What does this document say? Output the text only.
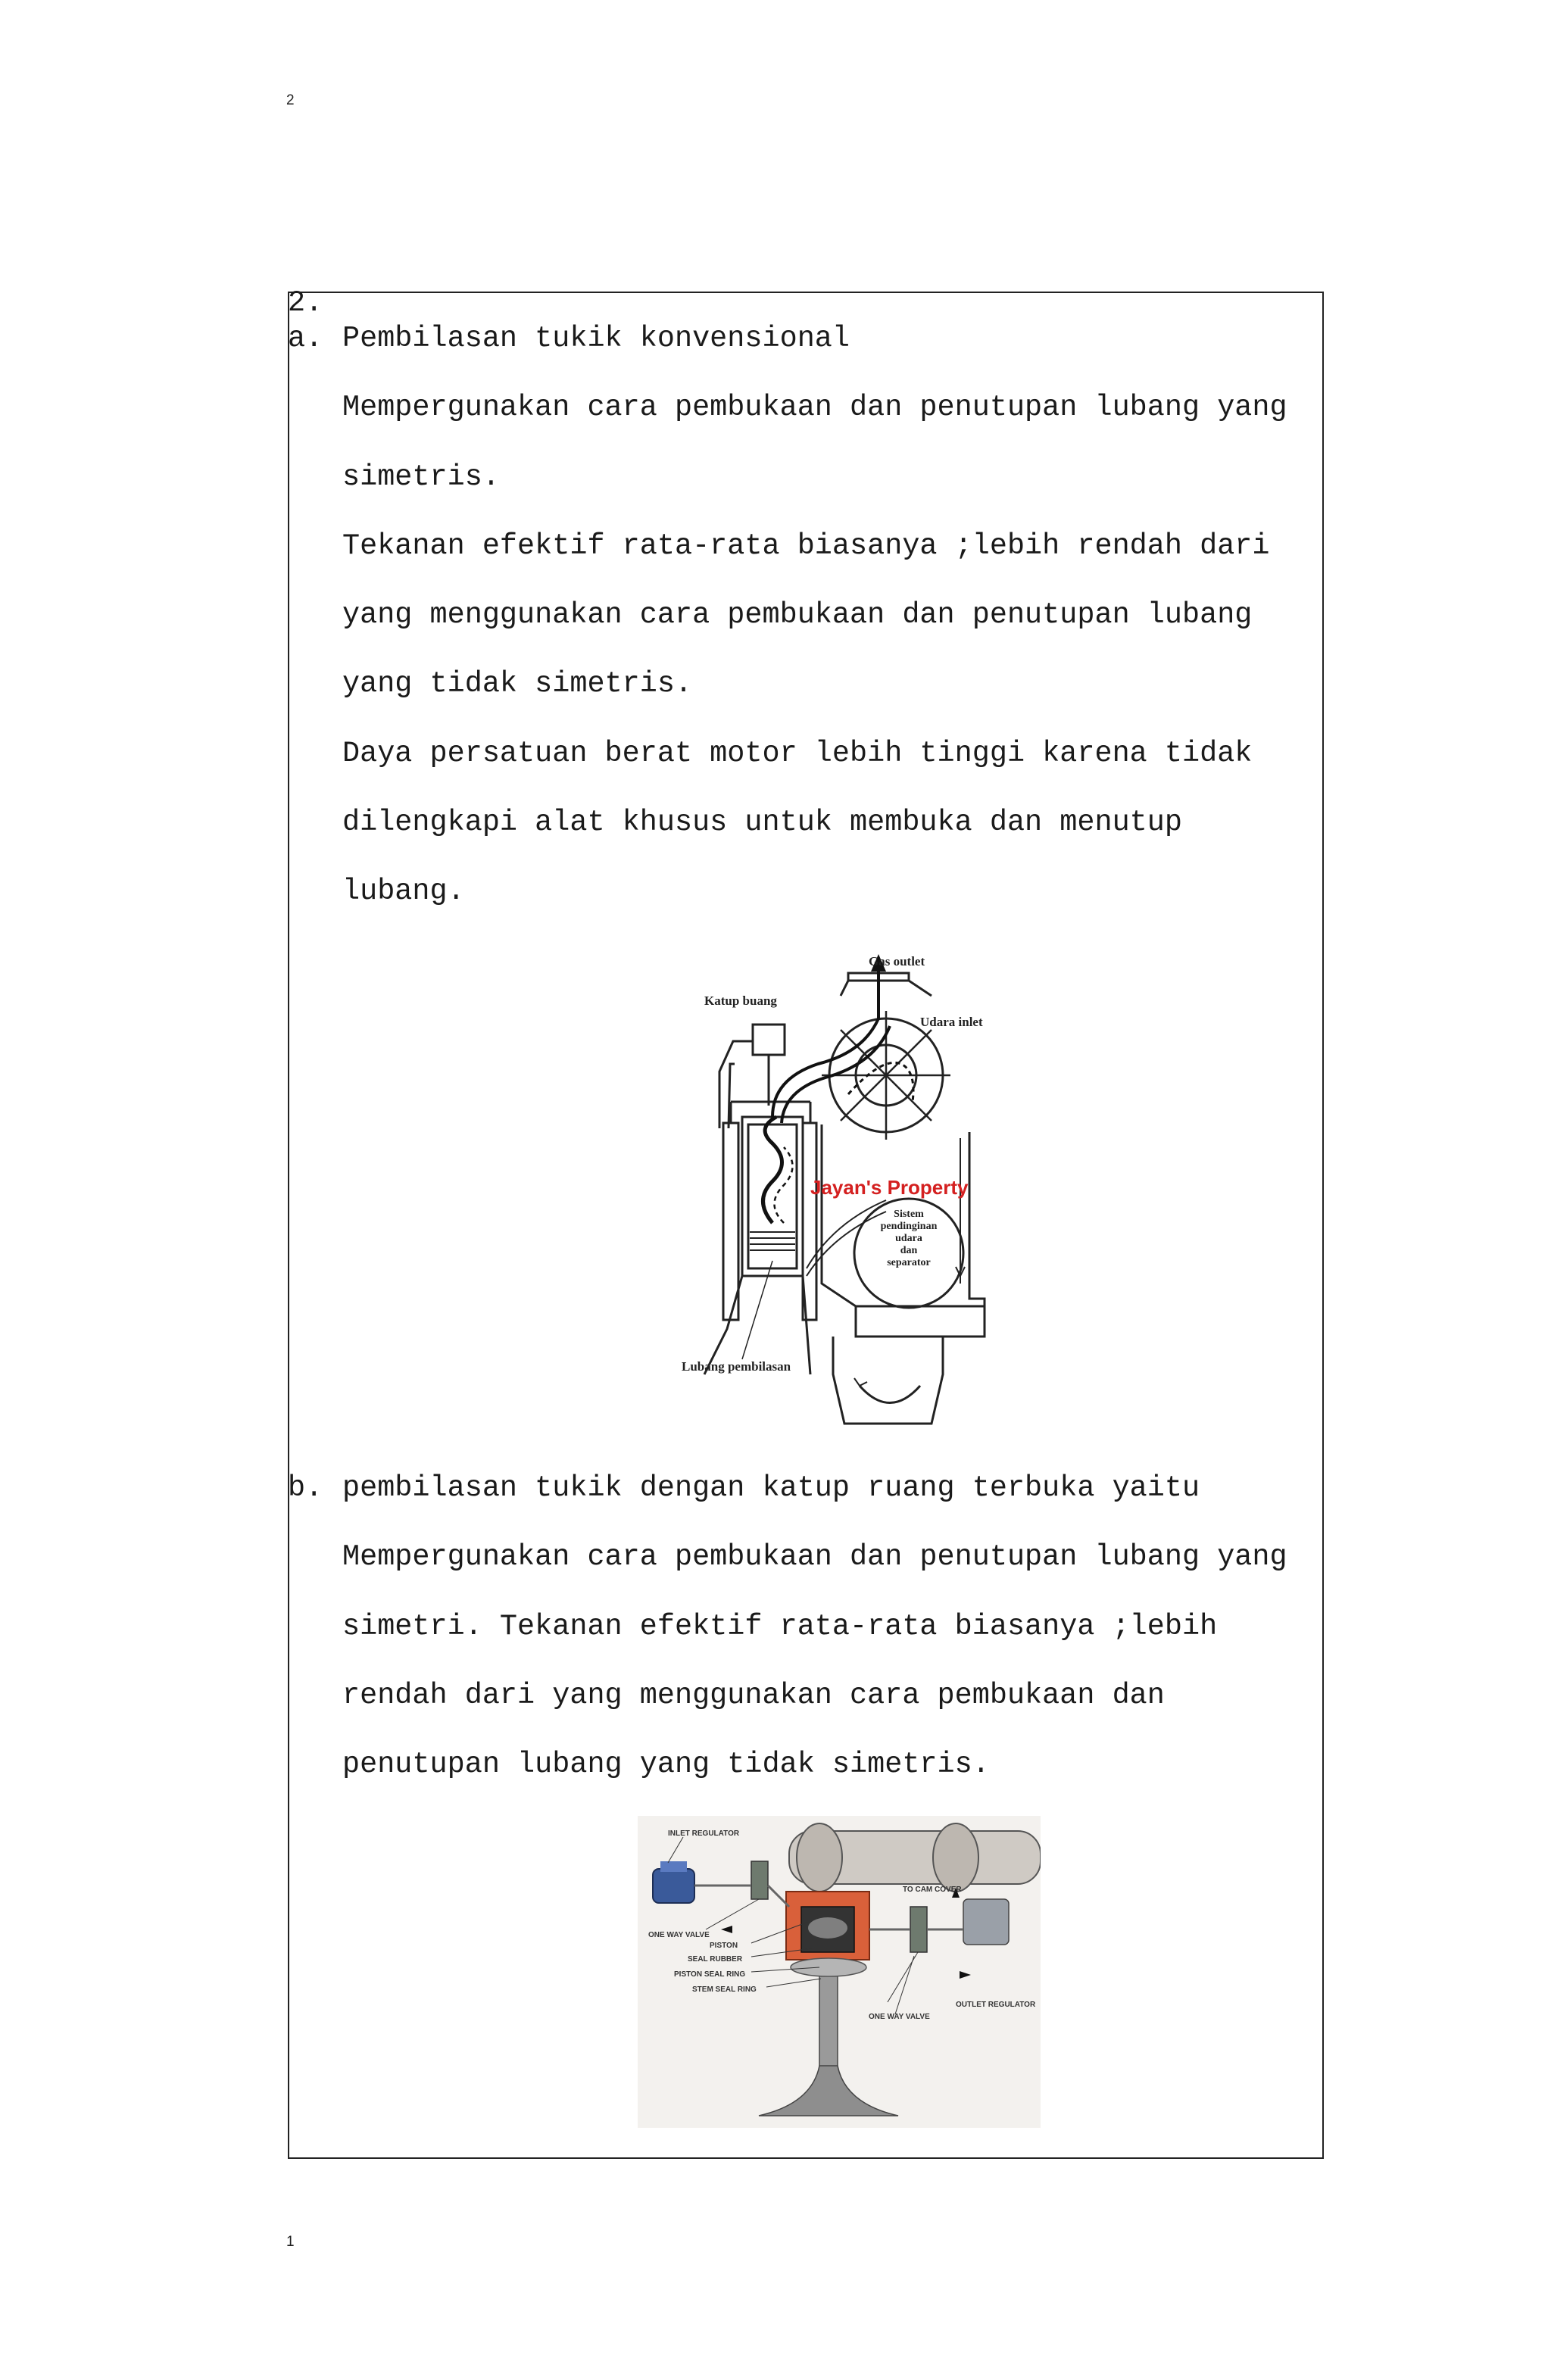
2
2.
a. Pembilasan tukik konvensional
Mempergunakan cara pembukaan dan penutupan lubang yang
simetris.
Tekanan efektif rata-rata biasanya ;lebih rendah dari
yang menggunakan cara pembukaan dan penutupan lubang
yang tidak simetris.
Daya persatuan berat motor lebih tinggi karena tidak
dilengkapi alat khusus untuk membuka dan menutup
lubang.
Gas outlet
Katup buang
Udara inlet
Jayan's Property
Sistem
pendinginan
udara
dan
separator
Lubang pembilasan
b. pembilasan tukik dengan katup ruang terbuka yaitu
Mempergunakan cara pembukaan dan penutupan lubang yang
simetri. Tekanan efektif rata-rata biasanya ;lebih
rendah dari yang menggunakan cara pembukaan dan
penutupan lubang yang tidak simetris.
INLET REGULATOR
TO CAM COVER
ONE WAY VALVE
PISTON
SEAL RUBBER
PISTON SEAL RING
STEM SEAL RING
OUTLET REGULATOR
ONE WAY VALVE
1
